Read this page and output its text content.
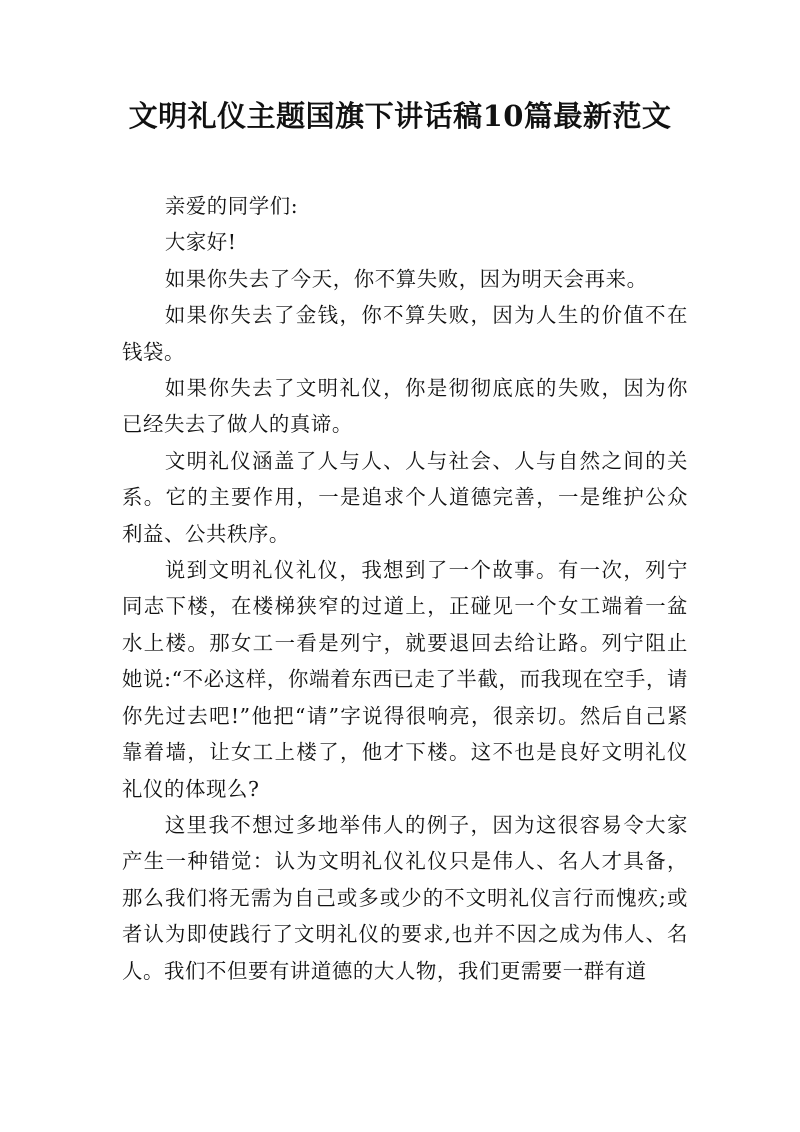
文明礼仪主题国旗下讲话稿10篇最新范文

亲爱的同学们:

大家好!

如果你失去了今天，你不算失败，因为明天会再来。

如果你失去了金钱，你不算失败，因为人生的价值不在钱袋。

如果你失去了文明礼仪，你是彻彻底底的失败，因为你已经失去了做人的真谛。

文明礼仪涵盖了人与人、人与社会、人与自然之间的关系。它的主要作用，一是追求个人道德完善，一是维护公众利益、公共秩序。

说到文明礼仪礼仪，我想到了一个故事。有一次，列宁同志下楼，在楼梯狭窄的过道上，正碰见一个女工端着一盆水上楼。那女工一看是列宁，就要退回去给让路。列宁阻止她说:“不必这样，你端着东西已走了半截，而我现在空手，请你先过去吧!”他把“请”字说得很响亮，很亲切。然后自己紧靠着墙，让女工上楼了，他才下楼。这不也是良好文明礼仪礼仪的体现么?

这里我不想过多地举伟人的例子，因为这很容易令大家产生一种错觉：认为文明礼仪礼仪只是伟人、名人才具备，那么我们将无需为自己或多或少的不文明礼仪言行而愧疚;或者认为即使践行了文明礼仪的要求,也并不因之成为伟人、名人。我们不但要有讲道德的大人物，我们更需要一群有道
